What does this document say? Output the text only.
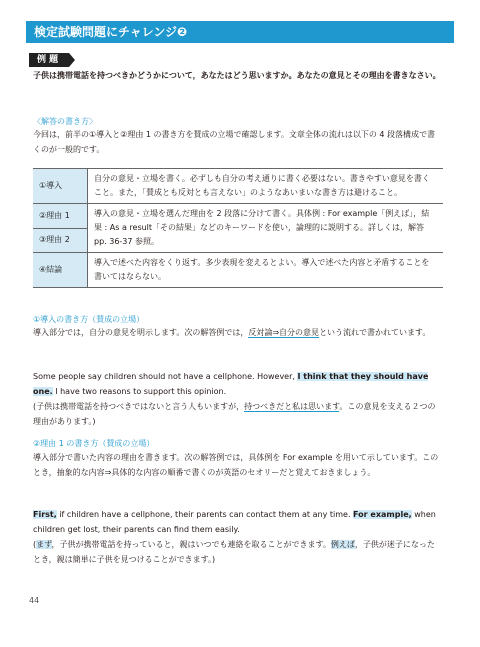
検定試験問題にチャレンジ❷
例 題
子供は携帯電話を持つべきかどうかについて，あなたはどう思いますか。あなたの意見とその理由を書きなさい。
〈解答の書き方〉
今回は，前半の①導入と②理由 1 の書き方を賛成の立場で確認します。文章全体の流れは以下の 4 段落構成で書くのが一般的です。
①導入	自分の意見・立場を書く。必ずしも自分の考え通りに書く必要はない。書きやすい意見を書くこと。また，「賛成とも反対とも言えない」のようなあいまいな書き方は避けること。
②理由 1	導入の意見・立場を選んだ理由を 2 段落に分けて書く。具体例 : For example「例えば」，結果 : As a result「その結果」などのキーワードを使い，論理的に説明する。詳しくは，解答 pp. 36-37 参照。
③理由 2	
④結論	導入で述べた内容をくり返す。多少表現を変えるとよい。導入で述べた内容と矛盾することを書いてはならない。
①導入の書き方（賛成の立場）
導入部分では，自分の意見を明示します。次の解答例では，反対論⇒自分の意見という流れで書かれています。
Some people say children should not have a cellphone. However, I think that they should have one. I have two reasons to support this opinion.
(子供は携帯電話を持つべきではないと言う人もいますが，持つべきだと私は思います。この意見を支える２つの理由があります。)
②理由 1 の書き方（賛成の立場）
導入部分で書いた内容の理由を書きます。次の解答例では，具体例を For example を用いて示しています。このとき，抽象的な内容⇒具体的な内容の順番で書くのが英語のセオリーだと覚えておきましょう。
First, if children have a cellphone, their parents can contact them at any time. For example, when children get lost, their parents can find them easily.
(まず，子供が携帯電話を持っていると，親はいつでも連絡を取ることができます。例えば，子供が迷子になったとき，親は簡単に子供を見つけることができます。)
44
